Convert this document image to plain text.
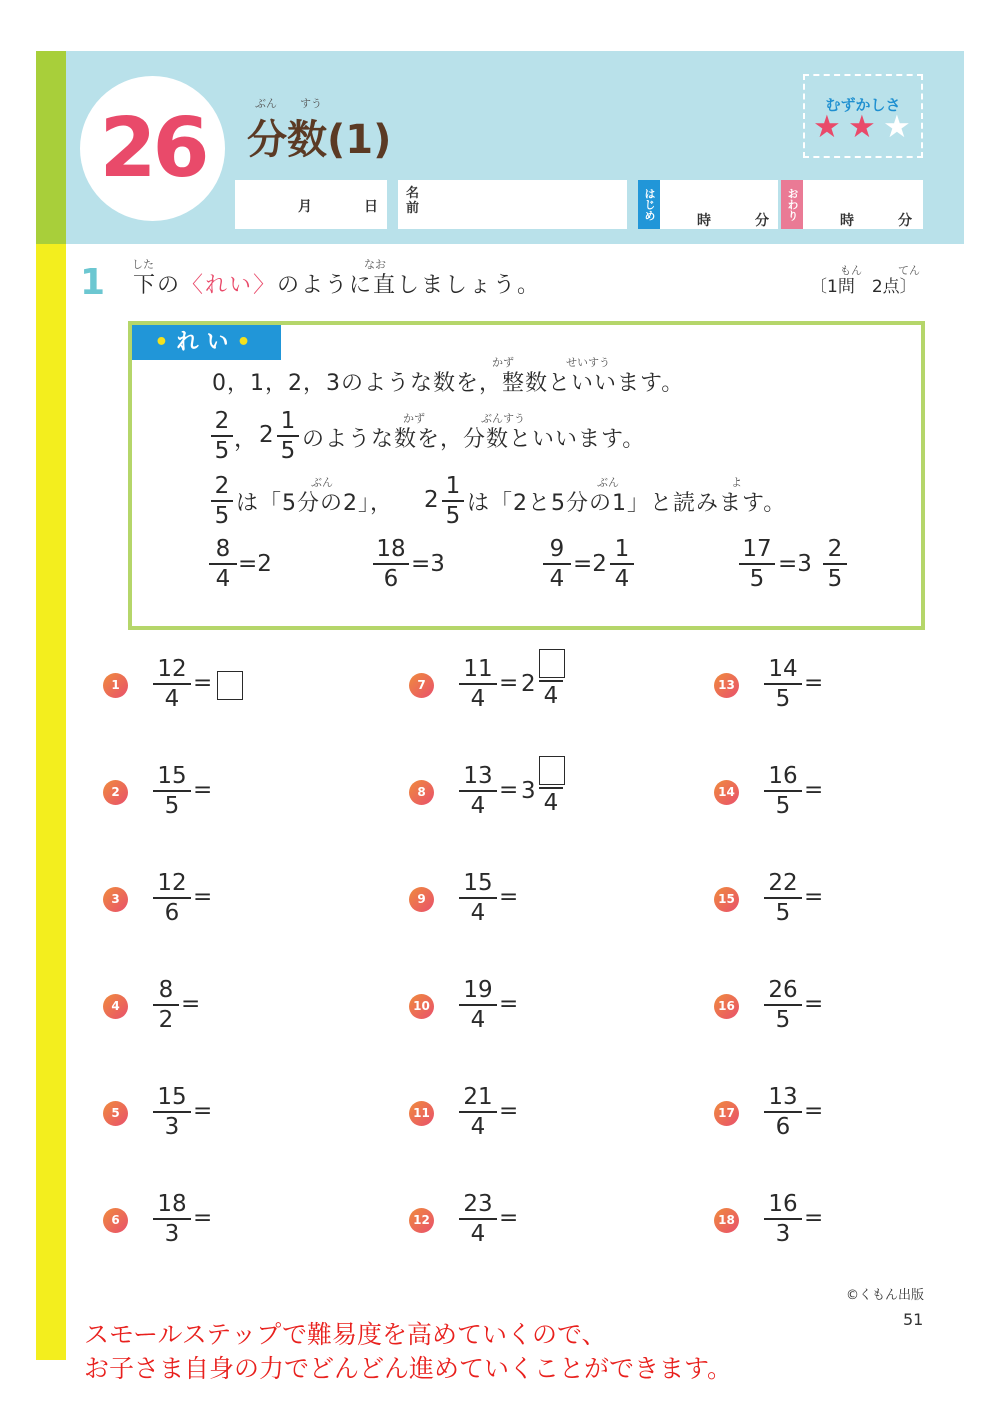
26	ぶん すう
分数(1)
むずかしさ
★ ★ ★
月	日
名前	はじめ	時	分	おわり	時	分
1 した	なお
下の〈れい〉のように直しましょう。
もん	てん
〔1問　2点〕
•れい•
かず	せいすう
0，1，2，3のような数を，整数といいます。
2
5 ， 2
1
5
かず	ぶんすう
のような数を，分数といいます。
2
5
ぶん
は「5分の2」， 2
1
5
ぶん	よ
は「2と5分の1」と読みます。
8
4
=2
18
6
=3
9
4
=2
1
4
17
5
=3
2
5
1
12
4
=
2
15
5
=
3
12
6
=
4
8
2
=
5
15
3
=
6
18
3
=
7
11
4
= 2 4
8
13
4
= 3 4
9
15
4
=
10
19
4
=
11
21
4
=
12
23
4
=
13
14
5
=
14
16
5
=
15
22
5
=
16
26
5
=
17
13
6
=
18
16
3
=
©くもん出版
51
スモールステップで難易度を高めていくので、
お子さま自身の力でどんどん進めていくことができます。
